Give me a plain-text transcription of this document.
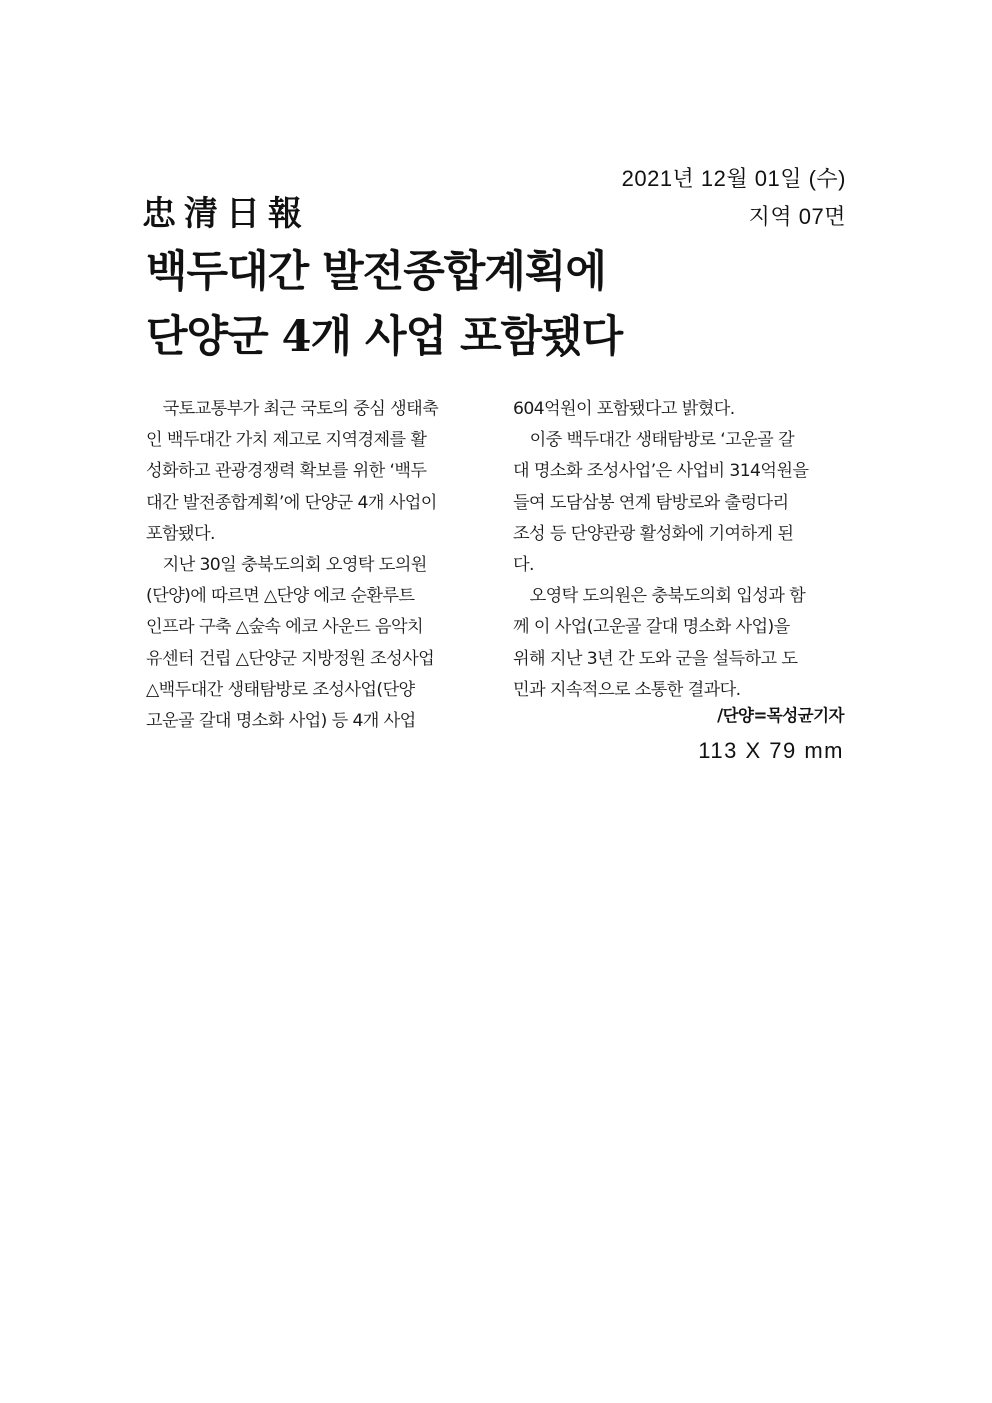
2021년 12월 01일 (수)
지역 07면
忠清日報
백두대간 발전종합계획에
단양군 4개 사업 포함됐다
　국토교통부가 최근 국토의 중심 생태축
인 백두대간 가치 제고로 지역경제를 활
성화하고 관광경쟁력 확보를 위한 ‘백두
대간 발전종합계획’에 단양군 4개 사업이
포함됐다.
　지난 30일 충북도의회 오영탁 도의원
(단양)에 따르면 △단양 에코 순환루트
인프라 구축 △숲속 에코 사운드 음악치
유센터 건립 △단양군 지방정원 조성사업
△백두대간 생태탐방로 조성사업(단양
고운골 갈대 명소화 사업) 등 4개 사업
604억원이 포함됐다고 밝혔다.
　이중 백두대간 생태탐방로 ‘고운골 갈
대 명소화 조성사업’은 사업비 314억원을
들여 도담삼봉 연계 탐방로와 출렁다리
조성 등 단양관광 활성화에 기여하게 된
다.
　오영탁 도의원은 충북도의회 입성과 함
께 이 사업(고운골 갈대 명소화 사업)을
위해 지난 3년 간 도와 군을 설득하고 도
민과 지속적으로 소통한 결과다.
/단양=목성균기자
113 X 79 mm
